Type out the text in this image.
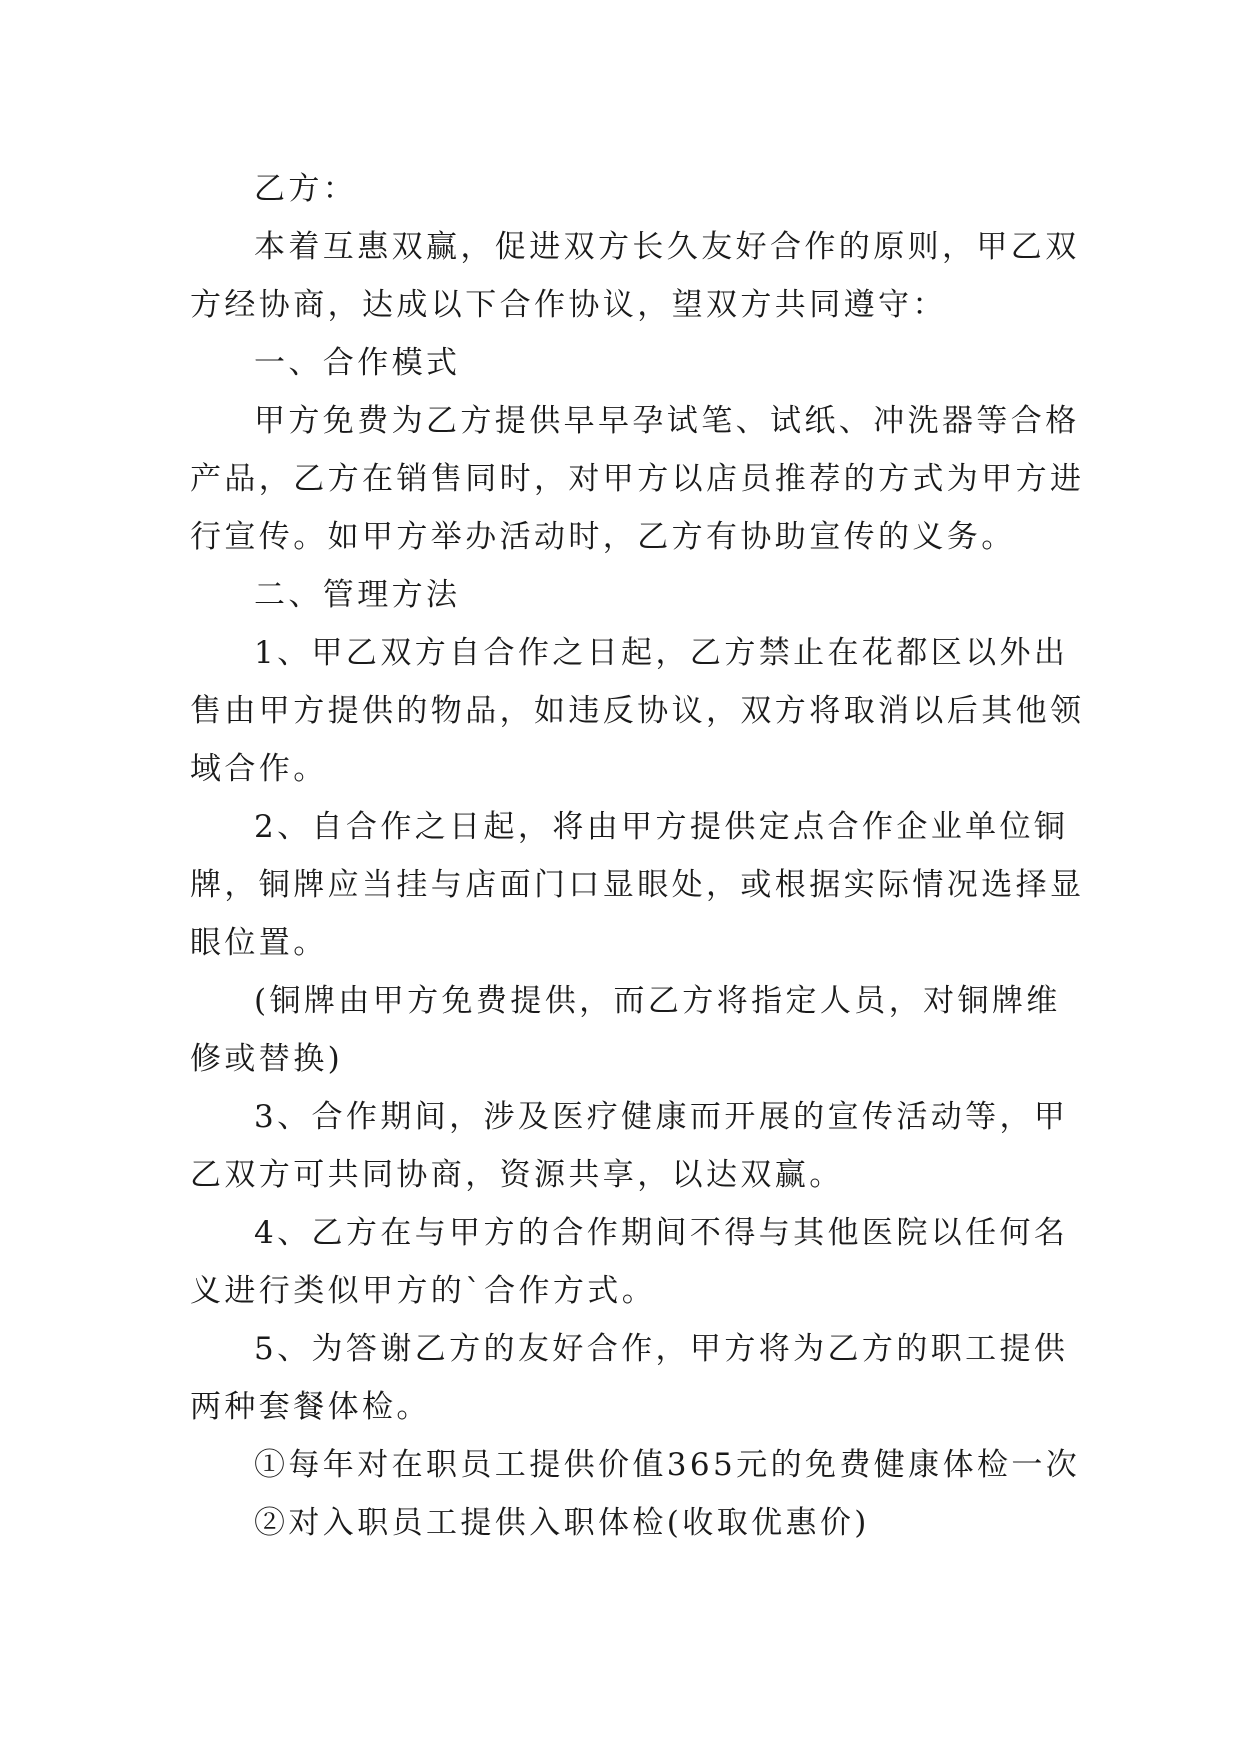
乙方：
本着互惠双赢，促进双方长久友好合作的原则，甲乙双
方经协商，达成以下合作协议，望双方共同遵守：
一、合作模式
甲方免费为乙方提供早早孕试笔、试纸、冲洗器等合格
产品，乙方在销售同时，对甲方以店员推荐的方式为甲方进
行宣传。如甲方举办活动时，乙方有协助宣传的义务。
二、管理方法
1、甲乙双方自合作之日起，乙方禁止在花都区以外出
售由甲方提供的物品，如违反协议，双方将取消以后其他领
域合作。
2、自合作之日起，将由甲方提供定点合作企业单位铜
牌，铜牌应当挂与店面门口显眼处，或根据实际情况选择显
眼位置。
(铜牌由甲方免费提供，而乙方将指定人员，对铜牌维
修或替换)
3、合作期间，涉及医疗健康而开展的宣传活动等，甲
乙双方可共同协商，资源共享，以达双赢。
4、乙方在与甲方的合作期间不得与其他医院以任何名
义进行类似甲方的`合作方式。
5、为答谢乙方的友好合作，甲方将为乙方的职工提供
两种套餐体检。
①每年对在职员工提供价值365元的免费健康体检一次
②对入职员工提供入职体检(收取优惠价)
